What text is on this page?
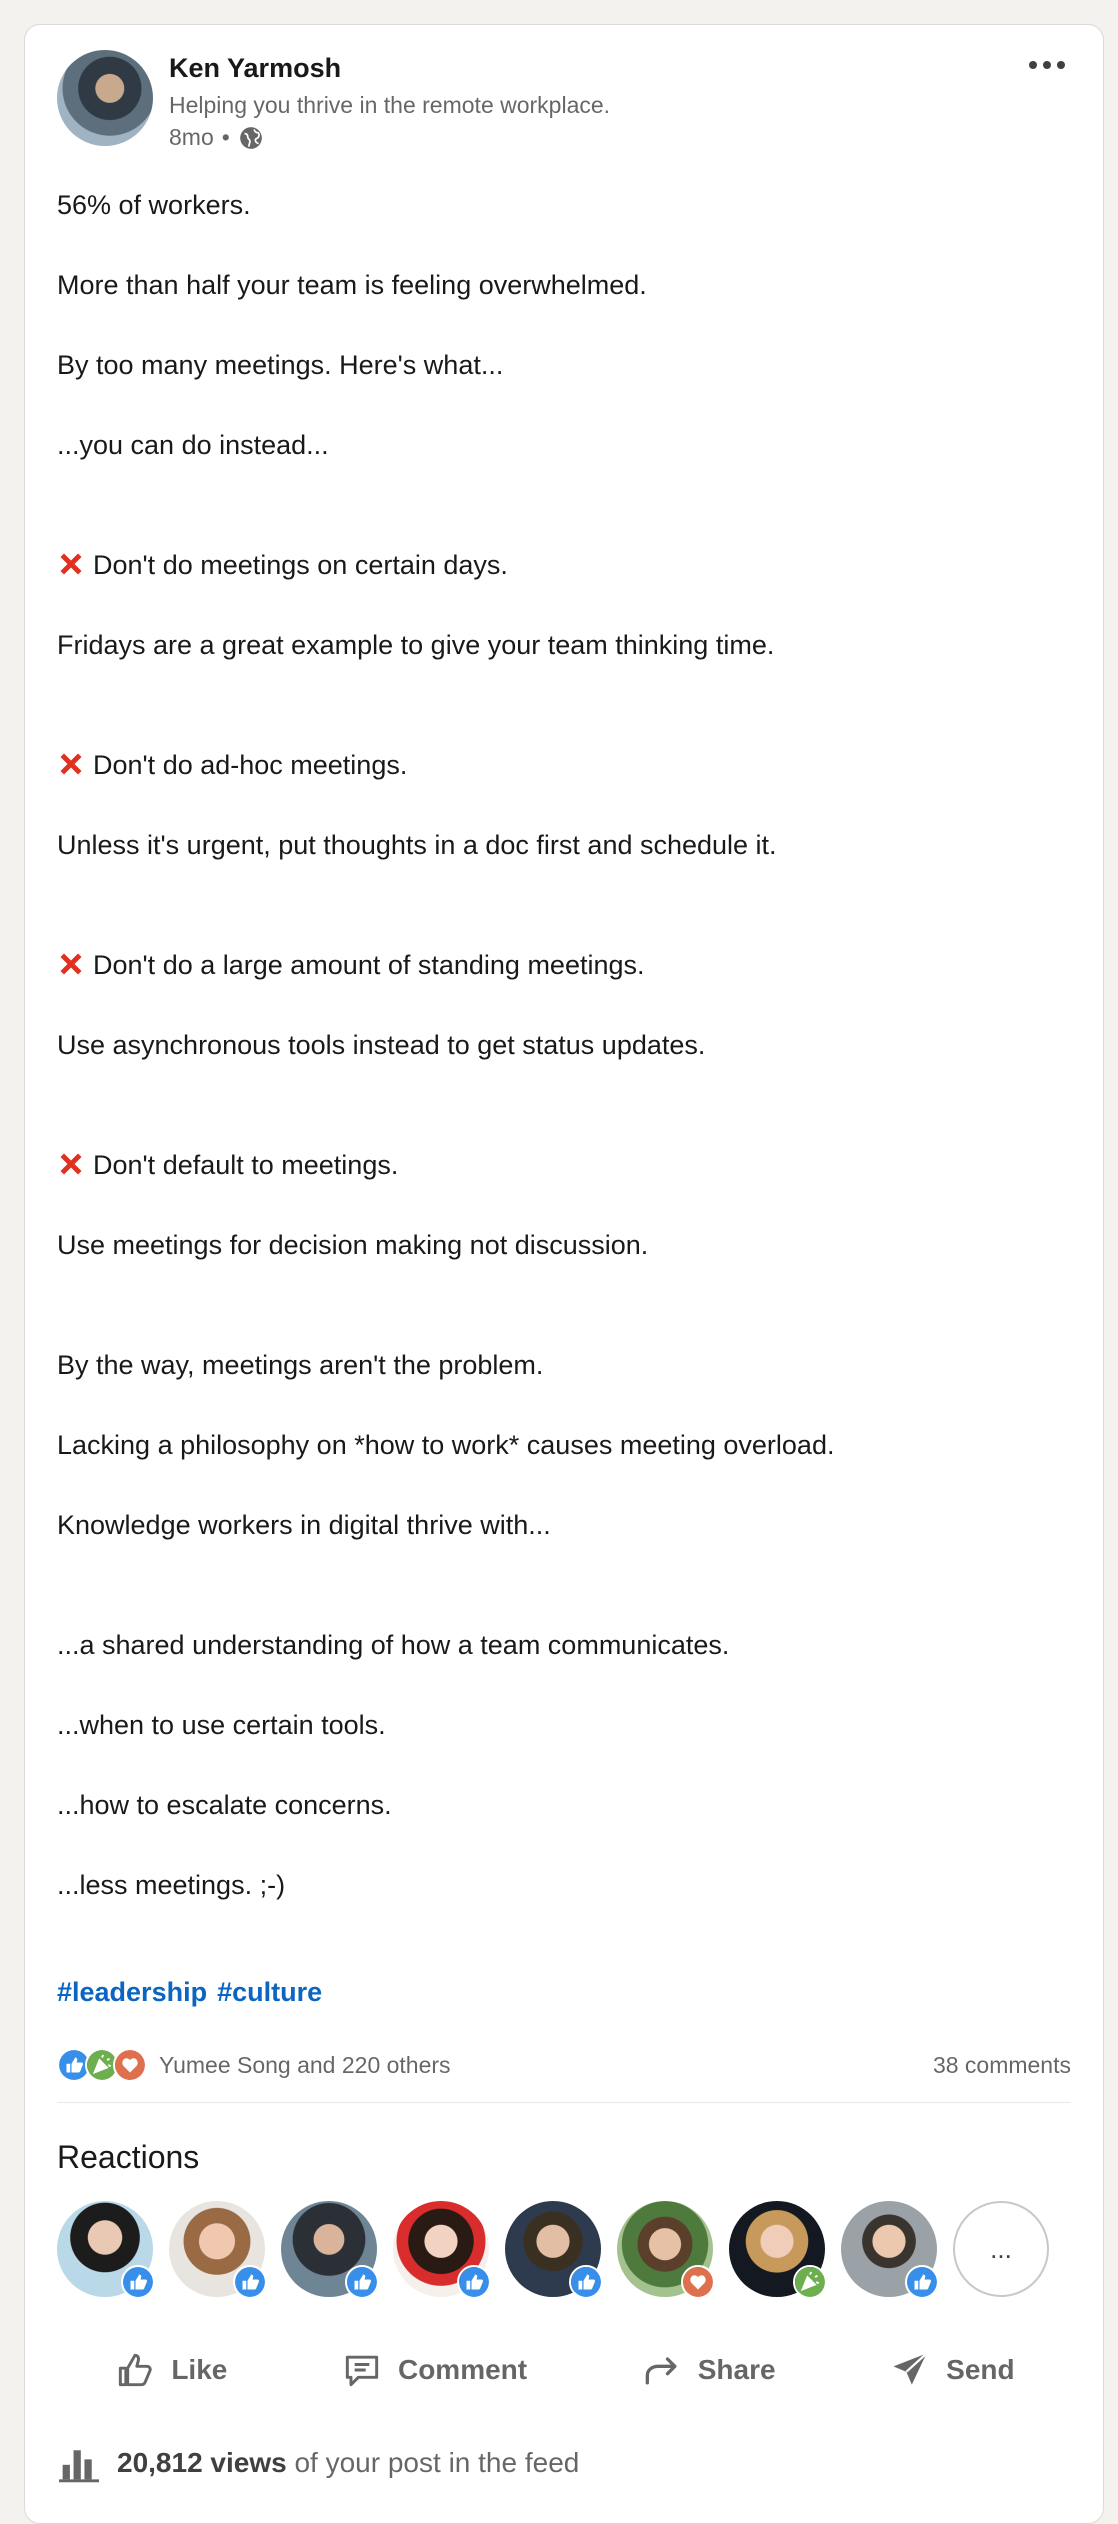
Ken Yarmosh
Helping you thrive in the remote workplace.
8mo •
56% of workers.
More than half your team is feeling overwhelmed.
By too many meetings. Here's what...
...you can do instead...
Don't do meetings on certain days.
Fridays are a great example to give your team thinking time.
Don't do ad-hoc meetings.
Unless it's urgent, put thoughts in a doc first and schedule it.
Don't do a large amount of standing meetings.
Use asynchronous tools instead to get status updates.
Don't default to meetings.
Use meetings for decision making not discussion.
By the way, meetings aren't the problem.
Lacking a philosophy on *how to work* causes meeting overload.
Knowledge workers in digital thrive with...
...a shared understanding of how a team communicates.
...when to use certain tools.
...how to escalate concerns.
...less meetings. ;-)
#leadership #culture
Yumee Song and 220 others	38 comments
Reactions
...
Like	Comment	Share	Send
20,812 views of your post in the feed
